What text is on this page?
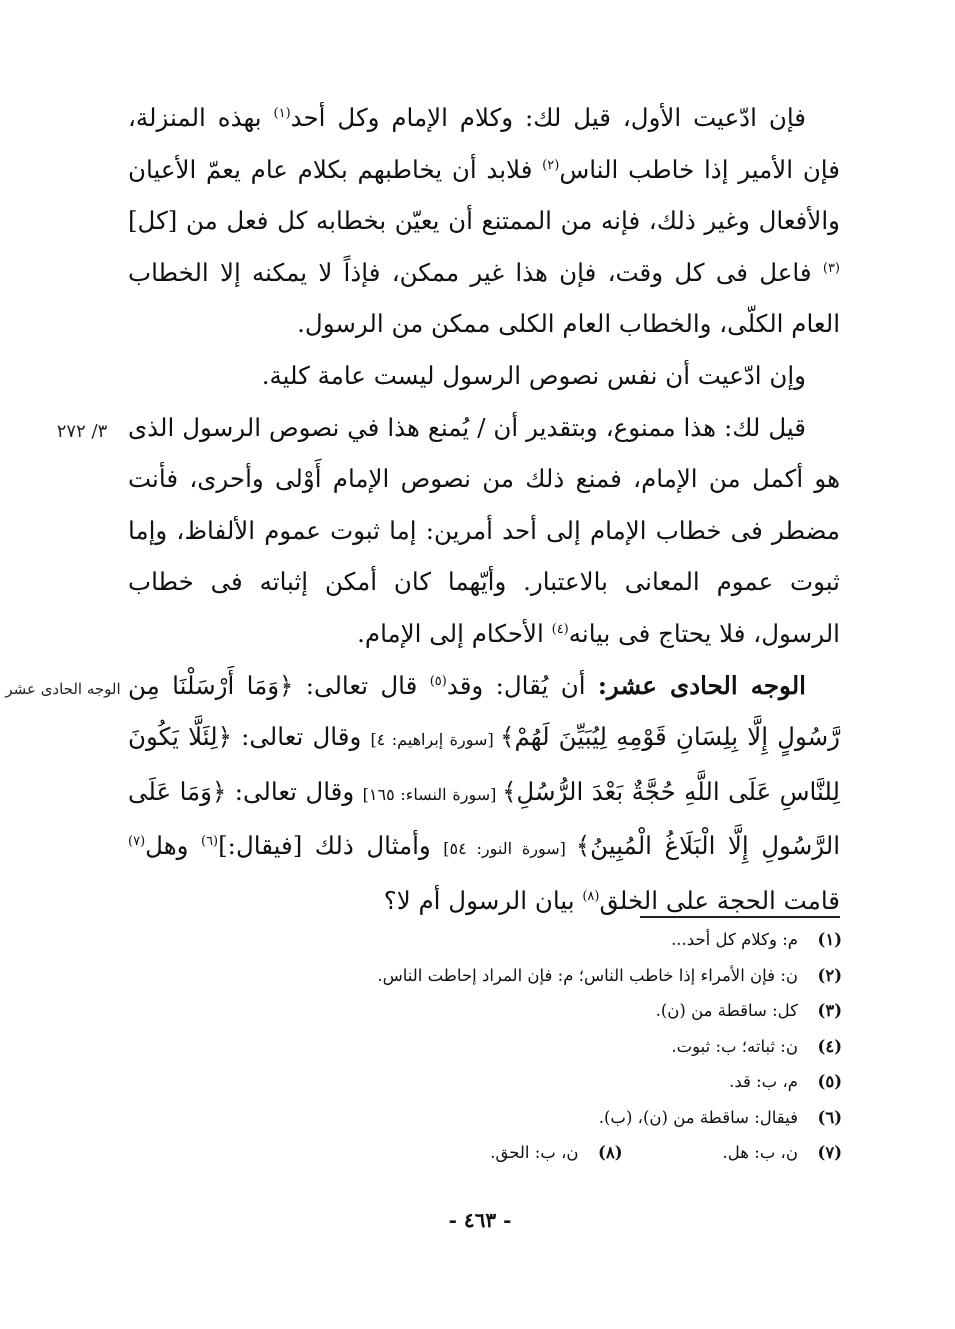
فإن ادّعيت الأول، قيل لك: وكلام الإمام وكل أحد$^{(١)}$ بهذه المنزلة، فإن الأمير إذا خاطب الناس$^{(٢)}$ فلابد أن يخاطبهم بكلام عام يعمّ الأعيان والأفعال وغير ذلك، فإنه من الممتنع أن يعيّن بخطابه كل فعل من [كل]$^{(٣)}$ فاعل فى كل وقت، فإن هذا غير ممكن، فإذاً لا يمكنه إلا الخطاب العام الكلّى، والخطاب العام الكلى ممكن من الرسول.

وإن ادّعيت أن نفس نصوص الرسول ليست عامة كلية.

قيل لك: هذا ممنوع، وبتقدير أن / يُمنع هذا في نصوص الرسول الذى هو أكمل من الإمام، فمنع ذلك من نصوص الإمام أَوْلى وأحرى، فأنت مضطر فى خطاب الإمام إلى أحد أمرين: إما ثبوت عموم الألفاظ، وإما ثبوت عموم المعانى بالاعتبار. وأيّهما كان أمكن إثباته فى خطاب الرسول، فلا يحتاج فى بيانه$^{(٤)}$ الأحكام إلى الإمام.

الوجه الحادى عشر: أن يُقال: وقد$^{(٥)}$ قال تعالى: ﴿وَمَا أَرْسَلْنَا مِن رَّسُولٍ إِلَّا بِلِسَانِ قَوْمِهِ لِيُبَيِّنَ لَهُمْ﴾ [سورة إبراهيم: ٤] وقال تعالى: ﴿لِئَلَّا يَكُونَ لِلنَّاسِ عَلَى اللَّهِ حُجَّةٌ بَعْدَ الرُّسُلِ﴾ [سورة النساء: ١٦٥] وقال تعالى: ﴿وَمَا عَلَى الرَّسُولِ إِلَّا الْبَلَاغُ الْمُبِينُ﴾ [سورة النور: ٥٤] وأمثال ذلك [فيقال:]$^{(٦)}$ وهل$^{(٧)}$ قامت الحجة على الخلق$^{(٨)}$ بيان الرسول أم لا؟

٣/ ٢٧٢
الوجه الحادى عشر
(١)
م: وكلام كل أحد...
(٢)
ن: فإن الأمراء إذا خاطب الناس؛ م: فإن المراد إحاطت الناس.
(٣)
كل: ساقطة من (ن).
(٤)
ن: ثباته؛ ب: ثبوت.
(٥)
م، ب: قد.
(٦)
فيقال: ساقطة من (ن)، (ب).
(٧)
ن، ب: هل.
(٨)
ن، ب: الحق.
- ٤٦٣ -
